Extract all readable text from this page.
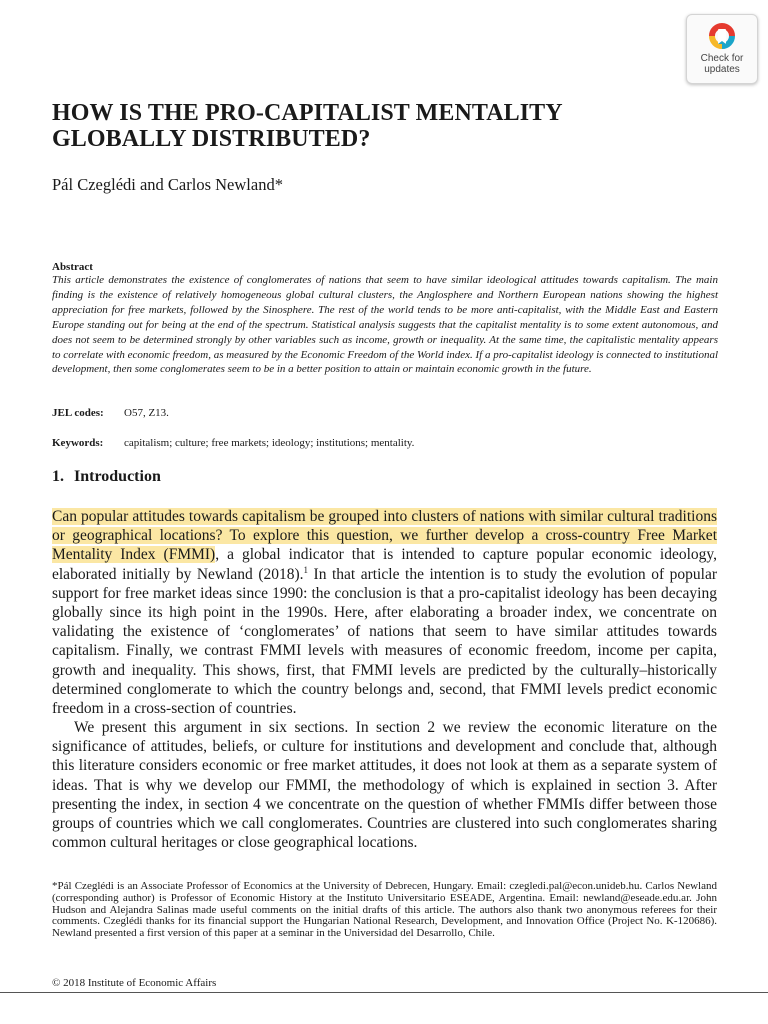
Check for
updates
HOW IS THE PRO-CAPITALIST MENTALITY GLOBALLY DISTRIBUTED?
Pál Czeglédi and Carlos Newland*
Abstract

This article demonstrates the existence of conglomerates of nations that seem to have similar ideological attitudes towards capitalism. The main finding is the existence of relatively homogeneous global cultural clusters, the Anglosphere and Northern European nations showing the highest appreciation for free markets, followed by the Sinosphere. The rest of the world tends to be more anti-capitalist, with the Middle East and Eastern Europe standing out for being at the end of the spectrum. Statistical analysis suggests that the capitalist mentality is to some extent autonomous, and does not seem to be determined strongly by other variables such as income, growth or inequality. At the same time, the capitalistic mentality appears to correlate with economic freedom, as measured by the Economic Freedom of the World index. If a pro-capitalist ideology is connected to institutional development, then some conglomerates seem to be in a better position to attain or maintain economic growth in the future.

JEL codes: O57, Z13.
Keywords: capitalism; culture; free markets; ideology; institutions; mentality.
1. Introduction

Can popular attitudes towards capitalism be grouped into clusters of nations with similar cultural traditions or geographical locations? To explore this question, we further develop a cross-country Free Market Mentality Index (FMMI), a global indicator that is intended to capture popular economic ideology, elaborated initially by Newland (2018).$^1$ In that article the intention is to study the evolution of popular support for free market ideas since 1990: the conclusion is that a pro-capitalist ideology has been decaying globally since its high point in the 1990s. Here, after elaborating a broader index, we concentrate on validating the existence of ‘conglomerates’ of nations that seem to have similar attitudes towards capitalism. Finally, we contrast FMMI levels with measures of economic freedom, income per capita, growth and inequality. This shows, first, that FMMI levels are predicted by the culturally–historically determined conglomerate to which the country belongs and, second, that FMMI levels predict economic freedom in a cross-section of countries.

We present this argument in six sections. In section 2 we review the economic literature on the significance of attitudes, beliefs, or culture for institutions and development and conclude that, although this literature considers economic or free market attitudes, it does not look at them as a separate system of ideas. That is why we develop our FMMI, the methodology of which is explained in section 3. After presenting the index, in section 4 we concentrate on the question of whether FMMIs differ between those groups of countries which we call conglomerates. Countries are clustered into such conglomerates sharing common cultural heritages or close geographical locations.

*Pál Czeglédi is an Associate Professor of Economics at the University of Debrecen, Hungary. Email: czegledi.pal@econ.unideb.hu. Carlos Newland (corresponding author) is Professor of Economic History at the Instituto Universitario ESEADE, Argentina. Email: newland@eseade.edu.ar. John Hudson and Alejandra Salinas made useful comments on the initial drafts of this article. The authors also thank two anonymous referees for their comments. Czeglédi thanks for its financial support the Hungarian National Research, Development, and Innovation Office (Project No. K-120686). Newland presented a first version of this paper at a seminar in the Universidad del Desarrollo, Chile.

© 2018 Institute of Economic Affairs
